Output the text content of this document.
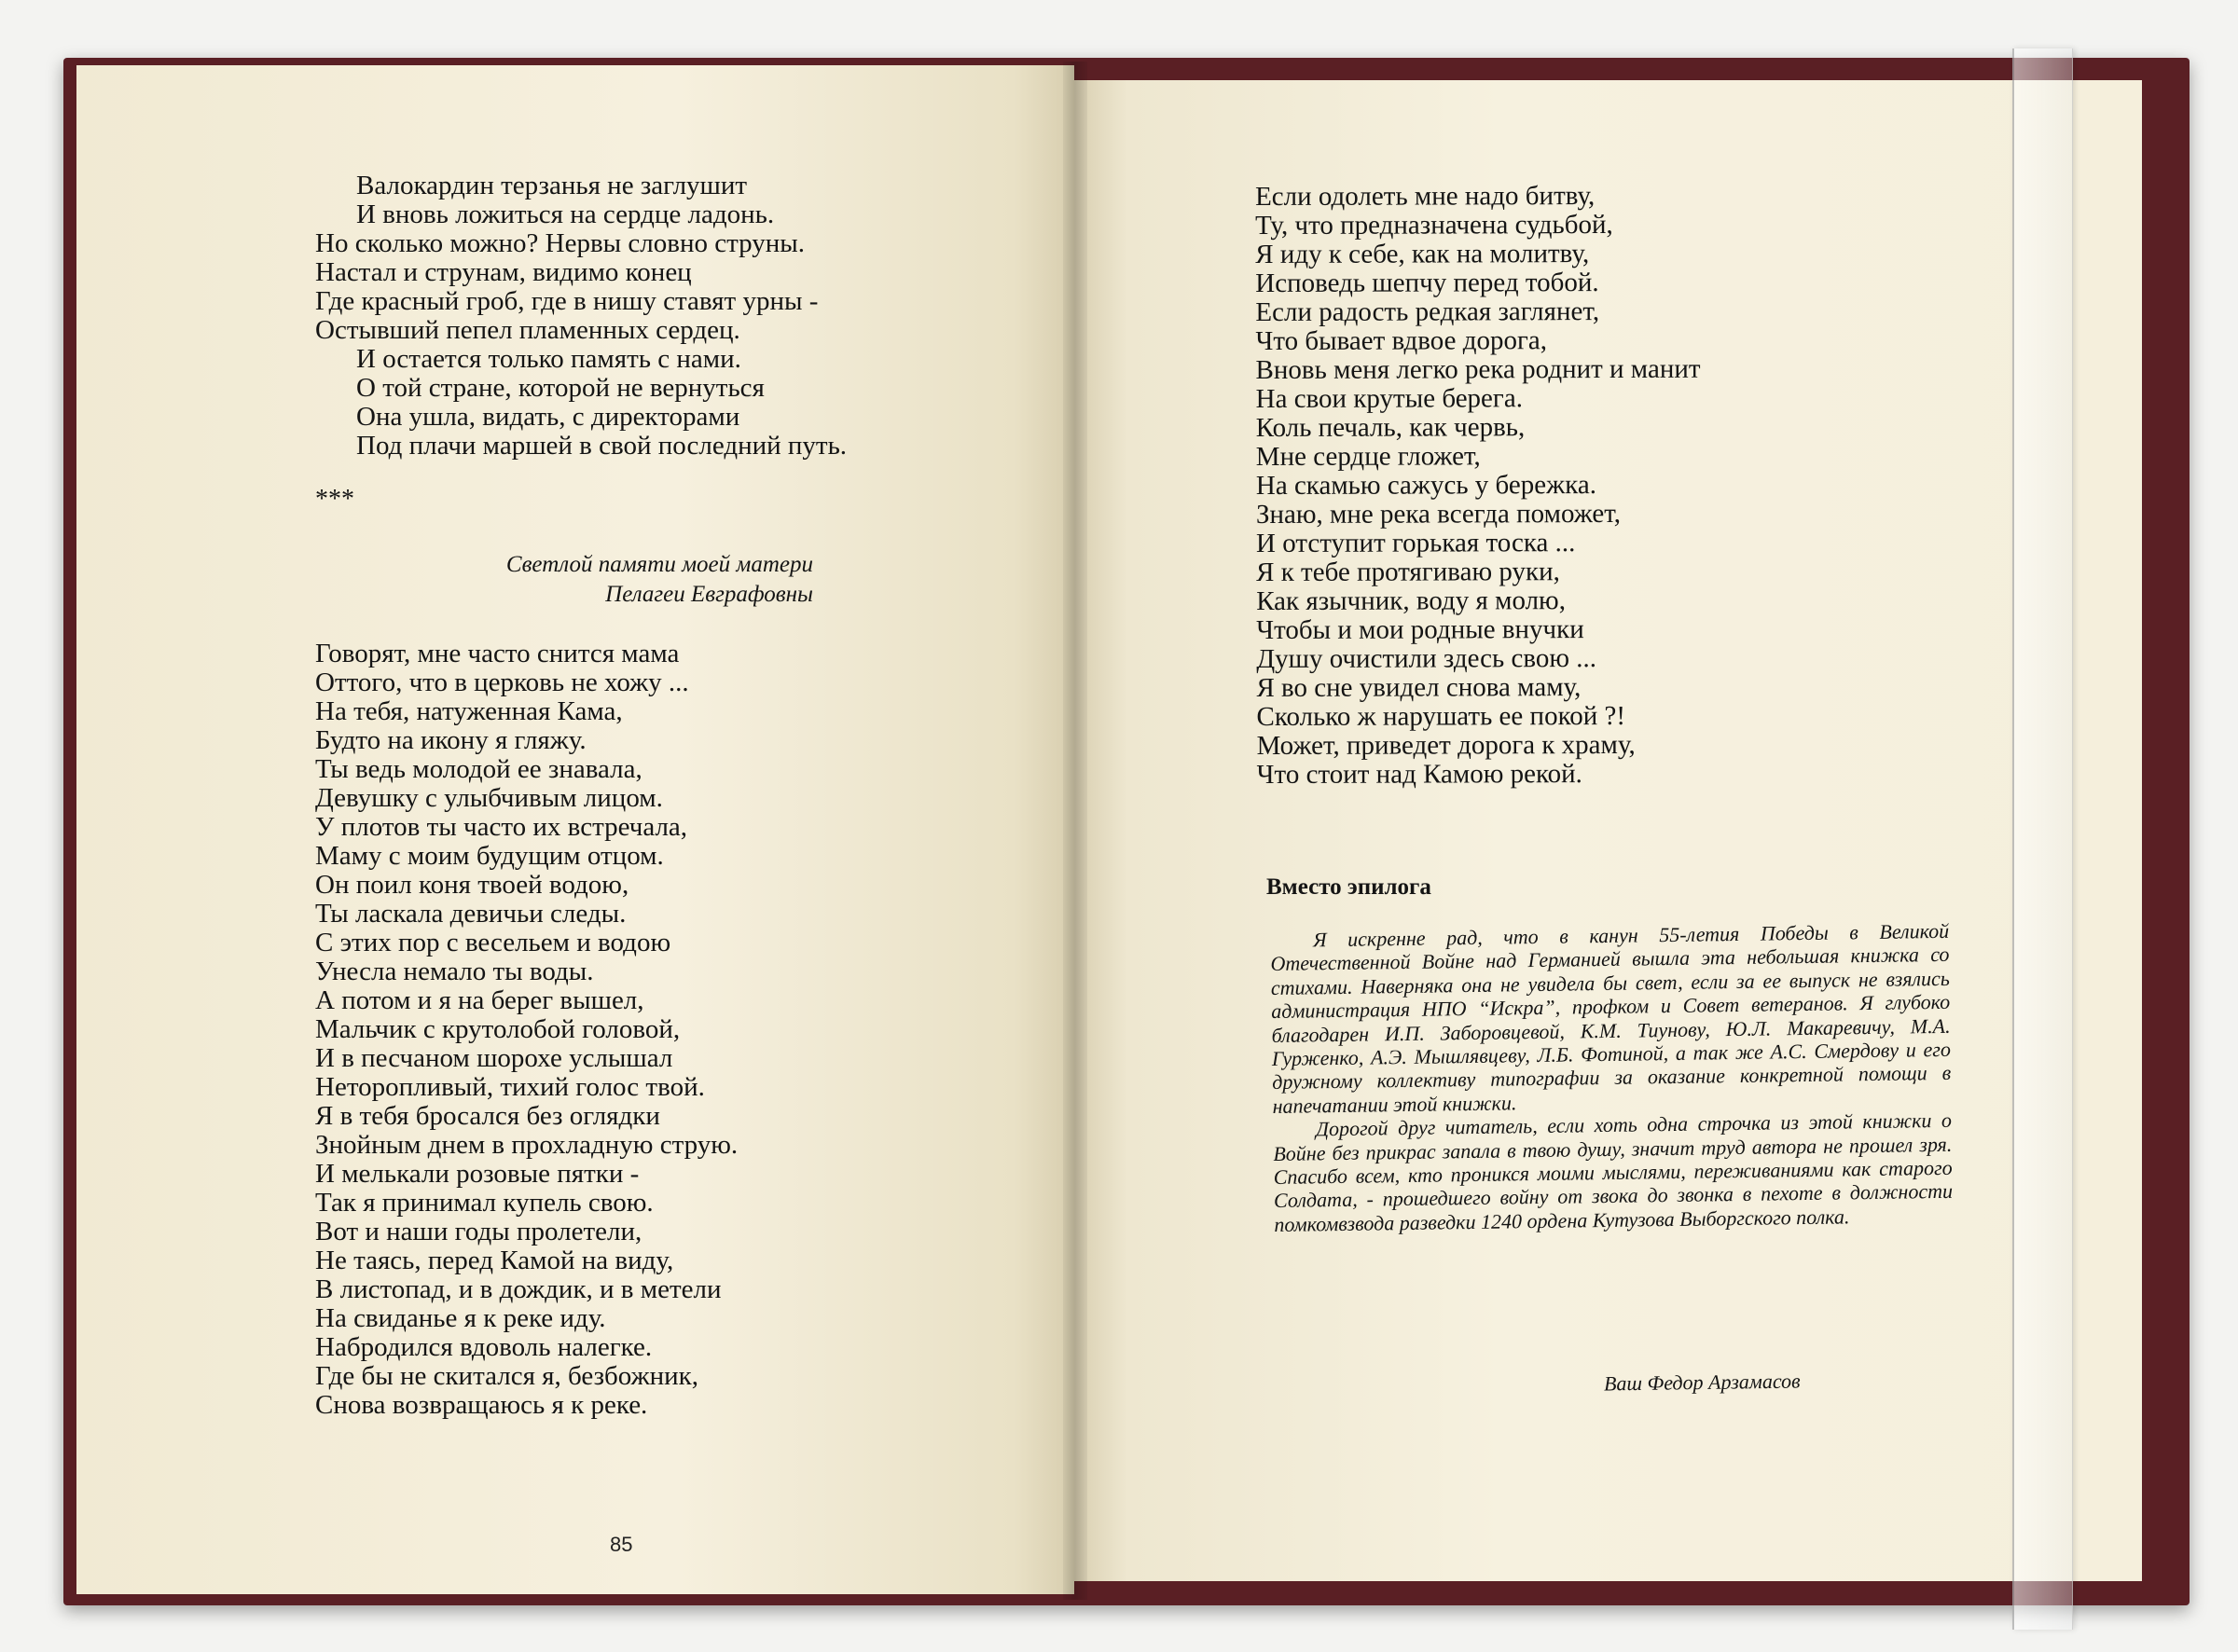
Валокардин терзанья не заглушит
И вновь ложиться на сердце ладонь.
Но сколько можно? Нервы словно струны.
Настал и струнам, видимо конец
Где красный гроб, где в нишу ставят урны -
Остывший пепел пламенных сердец.
И остается только память с нами.
О той стране, которой не вернуться
Она ушла, видать, с директорами
Под плачи маршей в свой последний путь.

***

Светлой памяти моей матери
Пелагеи Евграфовны
Говорят, мне часто снится мама
Оттого, что в церковь не хожу ...
На тебя, натуженная Кама,
Будто на икону я гляжу.
Ты ведь молодой ее знавала,
Девушку с улыбчивым лицом.
У плотов ты часто их встречала,
Маму с моим будущим отцом.
Он поил коня твоей водою,
Ты ласкала девичьи следы.
С этих пор с весельем и водою
Унесла немало ты воды.
А потом и я на берег вышел,
Мальчик с крутолобой головой,
И в песчаном шорохе услышал
Неторопливый, тихий голос твой.
Я в тебя бросался без оглядки
Знойным днем в прохладную струю.
И мелькали розовые пятки -
Так я принимал купель свою.
Вот и наши годы пролетели,
Не таясь, перед Камой на виду,
В листопад, и в дождик, и в метели
На свиданье я к реке иду.
Набродился вдоволь налегке.
Где бы не скитался я, безбожник,
Снова возвращаюсь я к реке.
85
Если одолеть мне надо битву,
Ту, что предназначена судьбой,
Я иду к себе, как на молитву,
Исповедь шепчу перед тобой.
Если радость редкая заглянет,
Что бывает вдвое дорога,
Вновь меня легко река роднит и манит
На свои крутые берега.
Коль печаль, как червь,
Мне сердце гложет,
На скамью сажусь у бережка.
Знаю, мне река всегда поможет,
И отступит горькая тоска ...
Я к тебе протягиваю руки,
Как язычник, воду я молю,
Чтобы и мои родные внучки
Душу очистили здесь свою ...
Я во сне увидел снова маму,
Сколько ж нарушать ее покой ?!
Может, приведет дорога к храму,
Что стоит над Камою рекой.

Вместо эпилога

Я искренне рад, что в канун 55-летия Победы в Великой Отечественной Войне над Германией вышла эта небольшая книжка со стихами. Наверняка она не увидела бы свет, если за ее выпуск не взялись администрация НПО “Искра”, профком и Совет ветеранов. Я глубоко благодарен И.П. Заборовцевой, К.М. Тиунову, Ю.Л. Макаревичу, М.А. Гурженко, А.Э. Мышлявцеву, Л.Б. Фотиной, а так же А.С. Смердову и его дружному коллективу типографии за оказание конкретной помощи в напечатании этой книжки.

Дорогой друг читатель, если хоть одна строчка из этой книжки о Войне без прикрас запала в твою душу, значит труд автора не прошел зря. Спасибо всем, кто проникся моими мыслями, переживаниями как старого Солдата, - прошедшего войну от звока до звонка в пехоте в должности помкомвзвода разведки 1240 ордена Кутузова Выборгского полка.

Ваш Федор Арзамасов
